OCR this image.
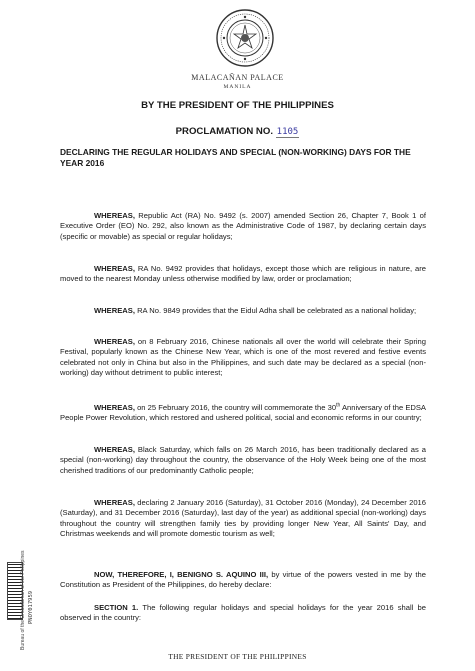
MALACAÑAN PALACE
MANILA
BY THE PRESIDENT OF THE PHILIPPINES
PROCLAMATION NO. 1105
DECLARING THE REGULAR HOLIDAYS AND SPECIAL (NON-WORKING) DAYS FOR THE YEAR 2016
WHEREAS, Republic Act (RA) No. 9492 (s. 2007) amended Section 26, Chapter 7, Book 1 of Executive Order (EO) No. 292, also known as the Administrative Code of 1987, by declaring certain days (specific or movable) as special or regular holidays;
WHEREAS, RA No. 9492 provides that holidays, except those which are religious in nature, are moved to the nearest Monday unless otherwise modified by law, order or proclamation;
WHEREAS, RA No. 9849 provides that the Eidul Adha shall be celebrated as a national holiday;
WHEREAS, on 8 February 2016, Chinese nationals all over the world will celebrate their Spring Festival, popularly known as the Chinese New Year, which is one of the most revered and festive events celebrated not only in China but also in the Philippines, and such date may be declared as a special (non-working) day without detriment to public interest;
WHEREAS, on 25 February 2016, the country will commemorate the 30th Anniversary of the EDSA People Power Revolution, which restored and ushered political, social and economic reforms in our country;
WHEREAS, Black Saturday, which falls on 26 March 2016, has been traditionally declared as a special (non-working) day throughout the country, the observance of the Holy Week being one of the most cherished traditions of our predominantly Catholic people;
WHEREAS, declaring 2 January 2016 (Saturday), 31 October 2016 (Monday), 24 December 2016 (Saturday), and 31 December 2016 (Saturday), last day of the year) as additional special (non-working) days throughout the country will strengthen family ties by providing longer New Year, All Saints' Day, and Christmas weekends and will promote domestic tourism as well;
NOW, THEREFORE, I, BENIGNO S. AQUINO III, by virtue of the powers vested in me by the Constitution as President of the Philippines, do hereby declare:
SECTION 1. The following regular holidays and special holidays for the year 2016 shall be observed in the country:
THE PRESIDENT OF THE PHILIPPINES
Bureau of the Ombudsman of the Philippines PNOY017959
